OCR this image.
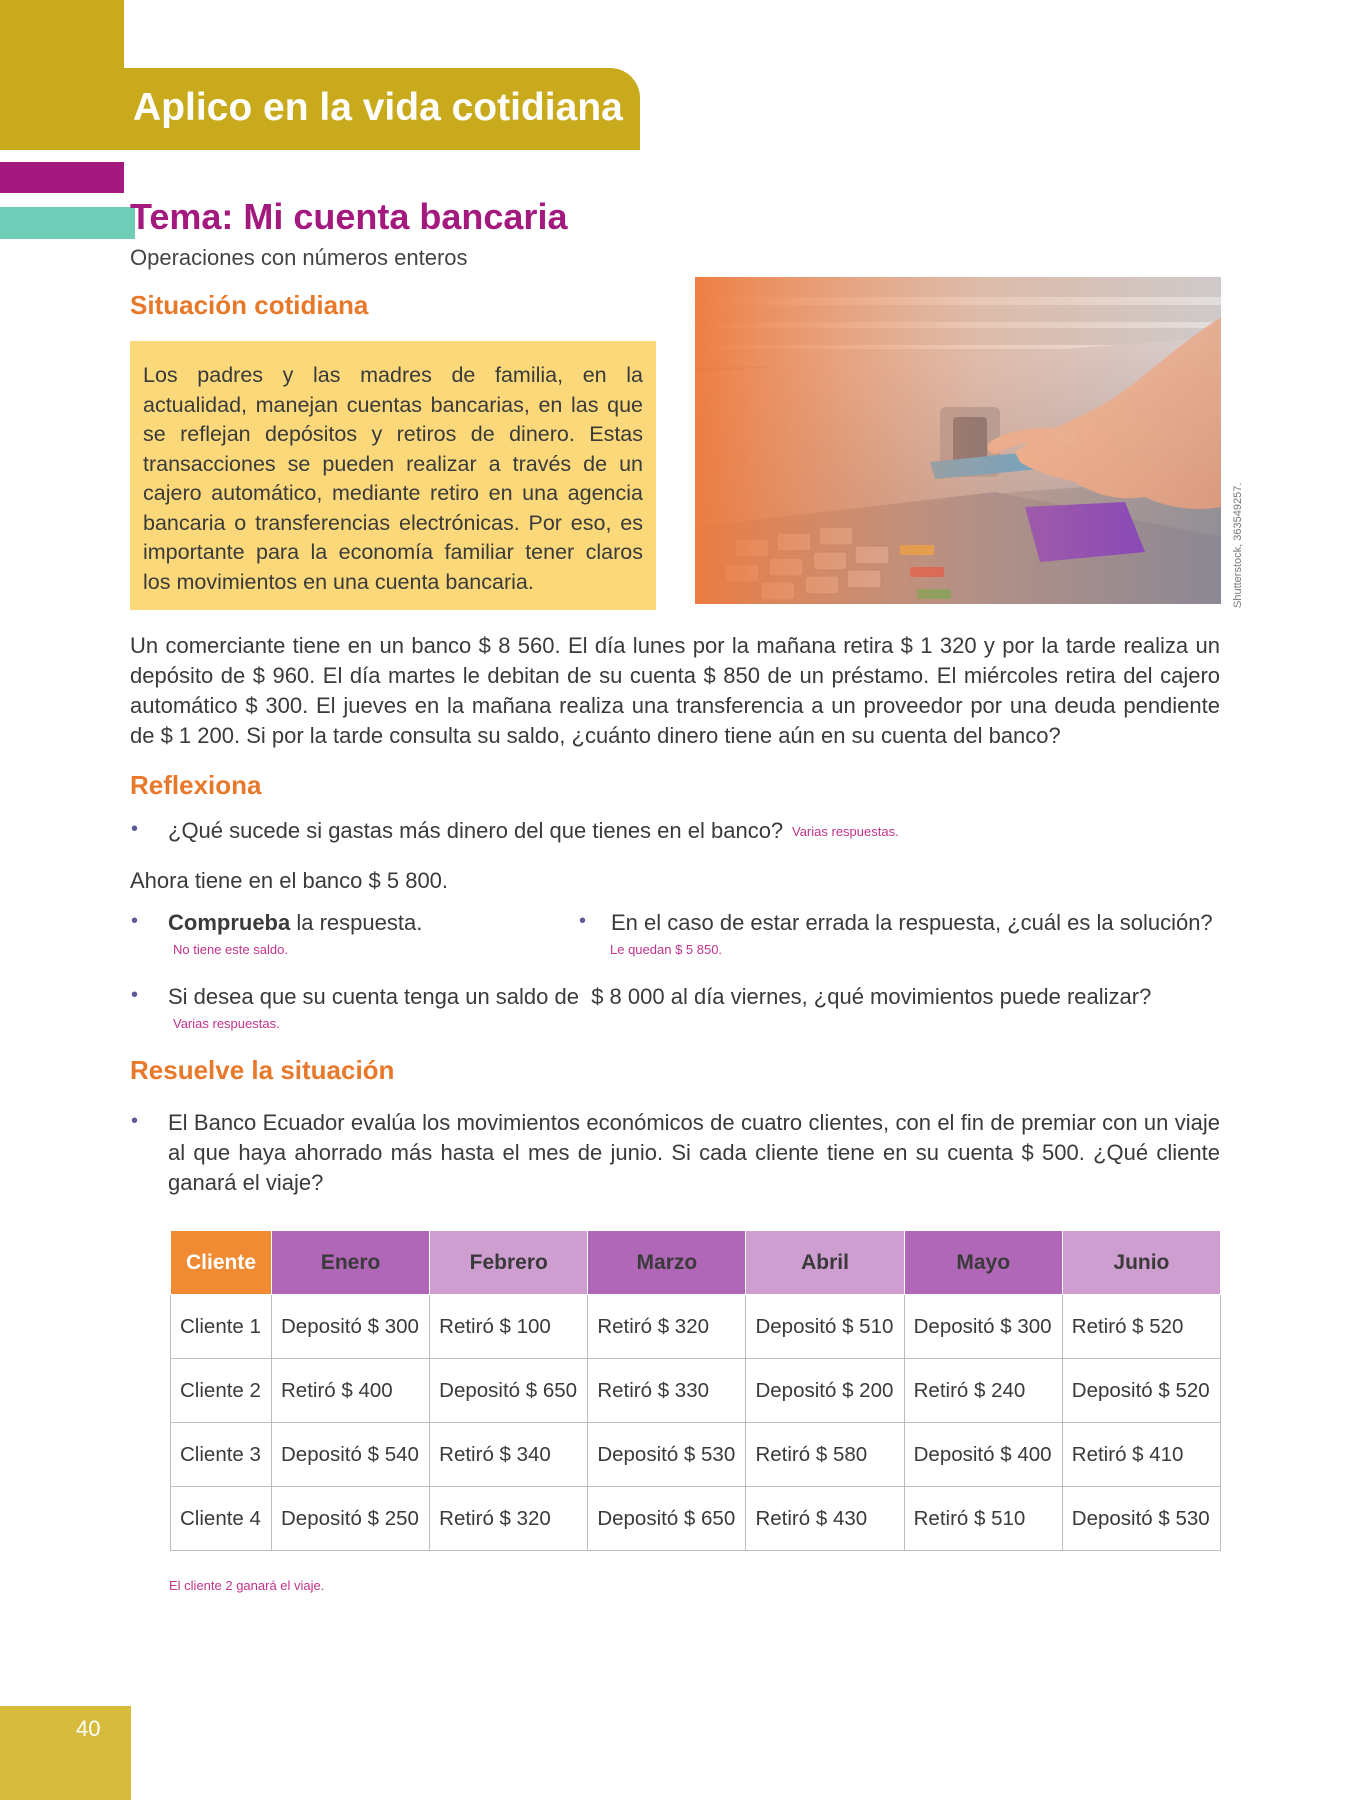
Aplico en la vida cotidiana
Tema: Mi cuenta bancaria
Operaciones con números enteros
Situación cotidiana

Los padres y las madres de familia, en la actualidad, manejan cuentas bancarias, en las que se reflejan depósitos y retiros de dinero. Estas transacciones se pueden realizar a través de un cajero automático, mediante retiro en una agencia bancaria o transferencias electrónicas. Por eso, es importante para la economía familiar tener claros los movimientos en una cuenta bancaria.	Shutterstock, 363549257.

Un comerciante tiene en un banco $ 8 560. El día lunes por la mañana retira $ 1 320 y por la tarde realiza un depósito de $ 960. El día martes le debitan de su cuenta $ 850 de un préstamo. El miércoles retira del cajero automático $ 300. El jueves en la mañana realiza una transferencia a un proveedor por una deuda pendiente de $ 1 200. Si por la tarde consulta su saldo, ¿cuánto dinero tiene aún en su cuenta del banco?

Reflexiona
• ¿Qué sucede si gastas más dinero del que tienes en el banco? Varias respuestas.
Ahora tiene en el banco $ 5 800.
• Comprueba la respuesta.
No tiene este saldo.
• En el caso de estar errada la respuesta, ¿cuál es la solución?
Le quedan $ 5 850.
• Si desea que su cuenta tenga un saldo de  $ 8 000 al día viernes, ¿qué movimientos puede realizar?
Varias respuestas.
Resuelve la situación
• El Banco Ecuador evalúa los movimientos económicos de cuatro clientes, con el fin de premiar con un viaje al que haya ahorrado más hasta el mes de junio. Si cada cliente tiene en su cuenta $ 500. ¿Qué cliente ganará el viaje?

Cliente	Enero	Febrero	Marzo	Abril	Mayo	Junio
Cliente 1	Depositó $ 300	Retiró $ 100	Retiró $ 320	Depositó $ 510	Depositó $ 300	Retiró $ 520
Cliente 2	Retiró $ 400	Depositó $ 650	Retiró $ 330	Depositó $ 200	Retiró $ 240	Depositó $ 520
Cliente 3	Depositó $ 540	Retiró $ 340	Depositó $ 530	Retiró $ 580	Depositó $ 400	Retiró $ 410
Cliente 4	Depositó $ 250	Retiró $ 320	Depositó $ 650	Retiró $ 430	Retiró $ 510	Depositó $ 530
El cliente 2 ganará el viaje.
40
